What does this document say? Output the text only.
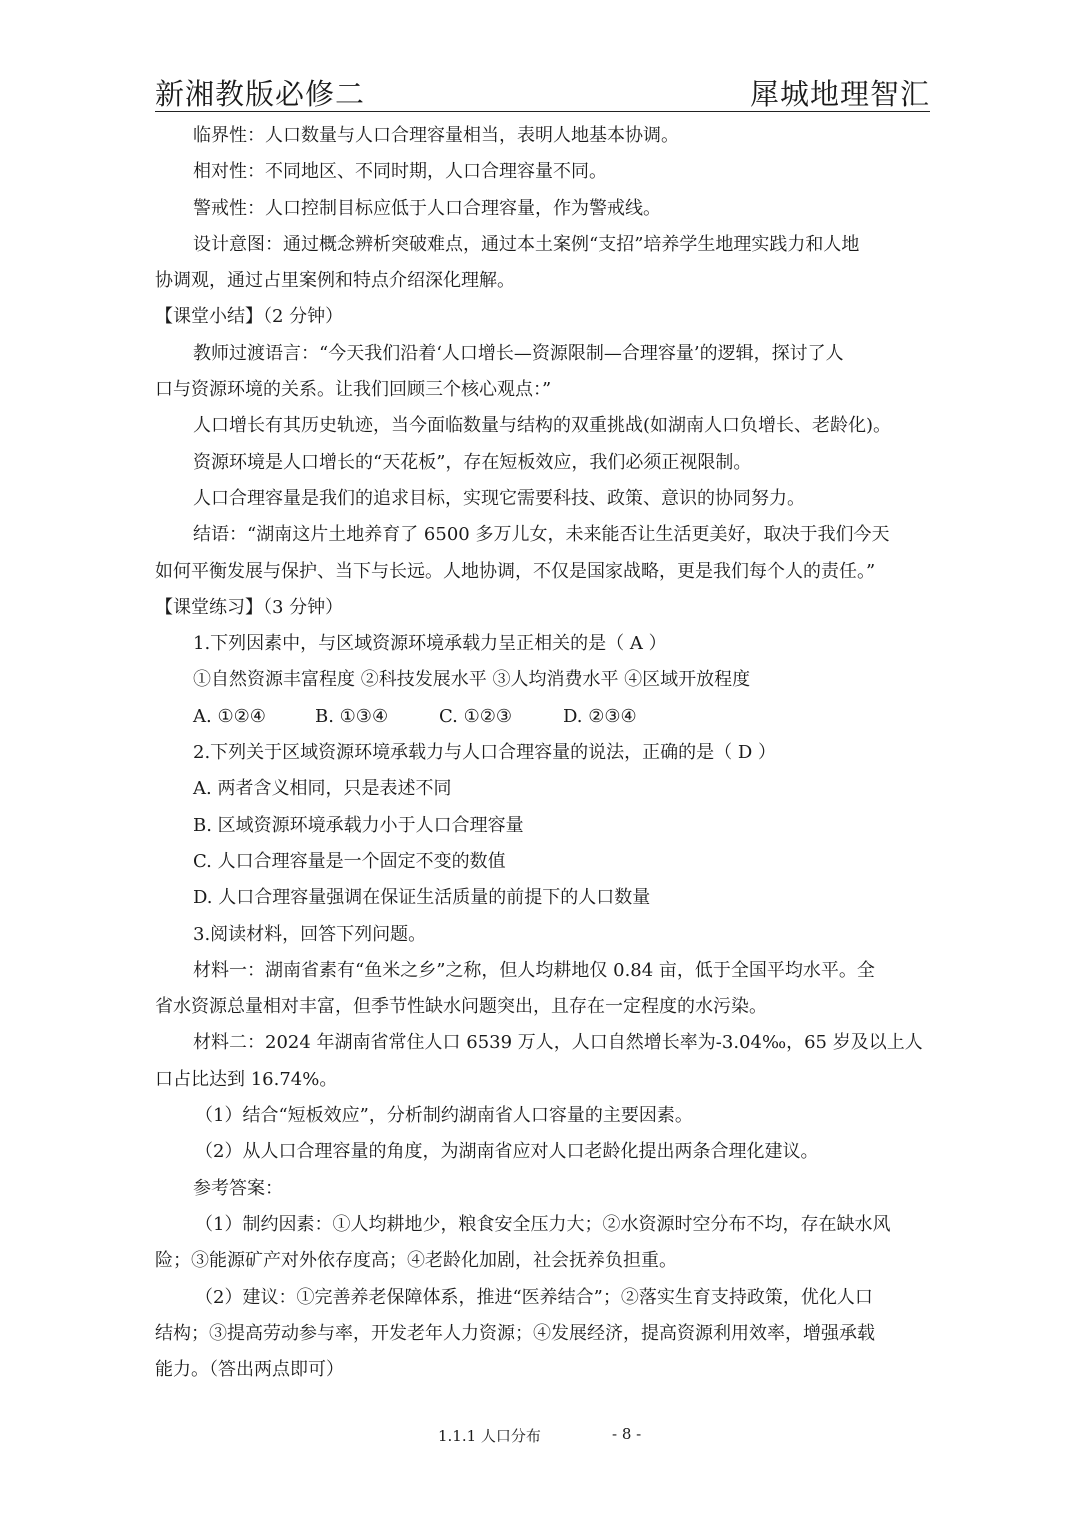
新湘教版必修二	犀城地理智汇
临界性：人口数量与人口合理容量相当，表明人地基本协调。
相对性：不同地区、不同时期，人口合理容量不同。
警戒性：人口控制目标应低于人口合理容量，作为警戒线。
设计意图：通过概念辨析突破难点，通过本土案例“支招”培养学生地理实践力和人地
协调观，通过占里案例和特点介绍深化理解。
【课堂小结】（2 分钟）
教师过渡语言：“今天我们沿着‘人口增长—资源限制—合理容量’的逻辑，探讨了人
口与资源环境的关系。让我们回顾三个核心观点：”
人口增长有其历史轨迹，当今面临数量与结构的双重挑战(如湖南人口负增长、老龄化)。
资源环境是人口增长的“天花板”，存在短板效应，我们必须正视限制。
人口合理容量是我们的追求目标，实现它需要科技、政策、意识的协同努力。
结语：“湖南这片土地养育了 6500 多万儿女，未来能否让生活更美好，取决于我们今天
如何平衡发展与保护、当下与长远。人地协调，不仅是国家战略，更是我们每个人的责任。”
【课堂练习】（3 分钟）
1.下列因素中，与区域资源环境承载力呈正相关的是（ A ）
①自然资源丰富程度 ②科技发展水平 ③人均消费水平 ④区域开放程度
A. ①②④	B. ①③④	C. ①②③	D. ②③④
2.下列关于区域资源环境承载力与人口合理容量的说法，正确的是（ D ）
A. 两者含义相同，只是表述不同
B. 区域资源环境承载力小于人口合理容量
C. 人口合理容量是一个固定不变的数值
D. 人口合理容量强调在保证生活质量的前提下的人口数量
3.阅读材料，回答下列问题。
材料一：湖南省素有“鱼米之乡”之称，但人均耕地仅 0.84 亩，低于全国平均水平。全
省水资源总量相对丰富，但季节性缺水问题突出，且存在一定程度的水污染。
材料二：2024 年湖南省常住人口 6539 万人，人口自然增长率为-3.04‰，65 岁及以上人
口占比达到 16.74%。
（1）结合“短板效应”，分析制约湖南省人口容量的主要因素。
（2）从人口合理容量的角度，为湖南省应对人口老龄化提出两条合理化建议。
参考答案：
（1）制约因素：①人均耕地少，粮食安全压力大；②水资源时空分布不均，存在缺水风
险；③能源矿产对外依存度高；④老龄化加剧，社会抚养负担重。
（2）建议：①完善养老保障体系，推进“医养结合”；②落实生育支持政策，优化人口
结构；③提高劳动参与率，开发老年人力资源；④发展经济，提高资源利用效率，增强承载
能力。（答出两点即可）
1.1.1 人口分布	- 8 -
